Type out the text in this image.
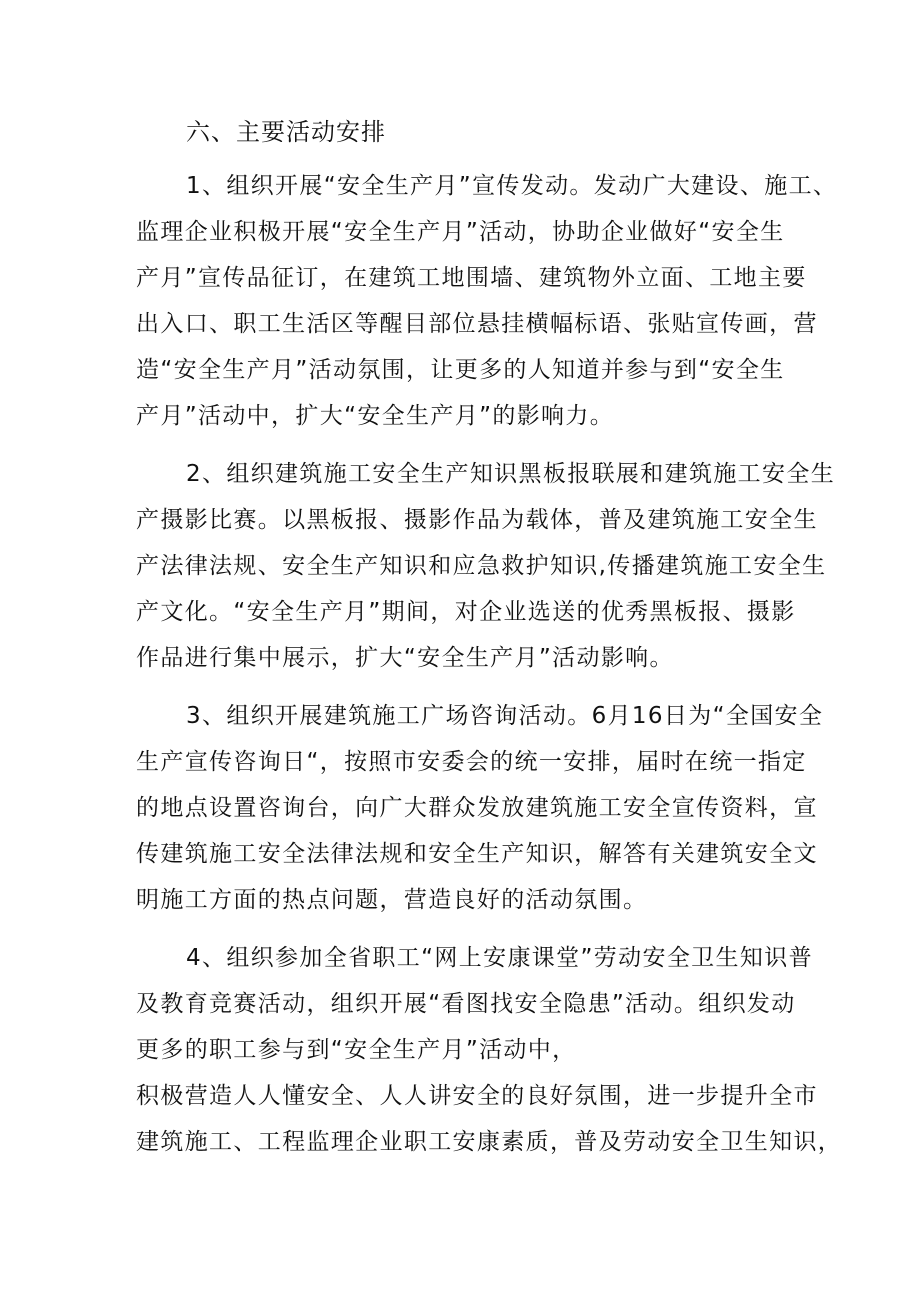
六、主要活动安排
1、组织开展“安全生产月”宣传发动。发动广大建设、施工、
监理企业积极开展“安全生产月”活动，协助企业做好“安全生
产月”宣传品征订，在建筑工地围墙、建筑物外立面、工地主要
出入口、职工生活区等醒目部位悬挂横幅标语、张贴宣传画，营
造“安全生产月”活动氛围，让更多的人知道并参与到“安全生
产月”活动中，扩大“安全生产月”的影响力。
2、组织建筑施工安全生产知识黑板报联展和建筑施工安全生
产摄影比赛。以黑板报、摄影作品为载体，普及建筑施工安全生
产法律法规、安全生产知识和应急救护知识,传播建筑施工安全生
产文化。“安全生产月”期间，对企业选送的优秀黑板报、摄影
作品进行集中展示，扩大“安全生产月”活动影响。
3、组织开展建筑施工广场咨询活动。6月16日为“全国安全
生产宣传咨询日“，按照市安委会的统一安排，届时在统一指定
的地点设置咨询台，向广大群众发放建筑施工安全宣传资料，宣
传建筑施工安全法律法规和安全生产知识，解答有关建筑安全文
明施工方面的热点问题，营造良好的活动氛围。
4、组织参加全省职工“网上安康课堂”劳动安全卫生知识普
及教育竞赛活动，组织开展“看图找安全隐患”活动。组织发动
更多的职工参与到“安全生产月”活动中，
积极营造人人懂安全、人人讲安全的良好氛围，进一步提升全市
建筑施工、工程监理企业职工安康素质，普及劳动安全卫生知识，
